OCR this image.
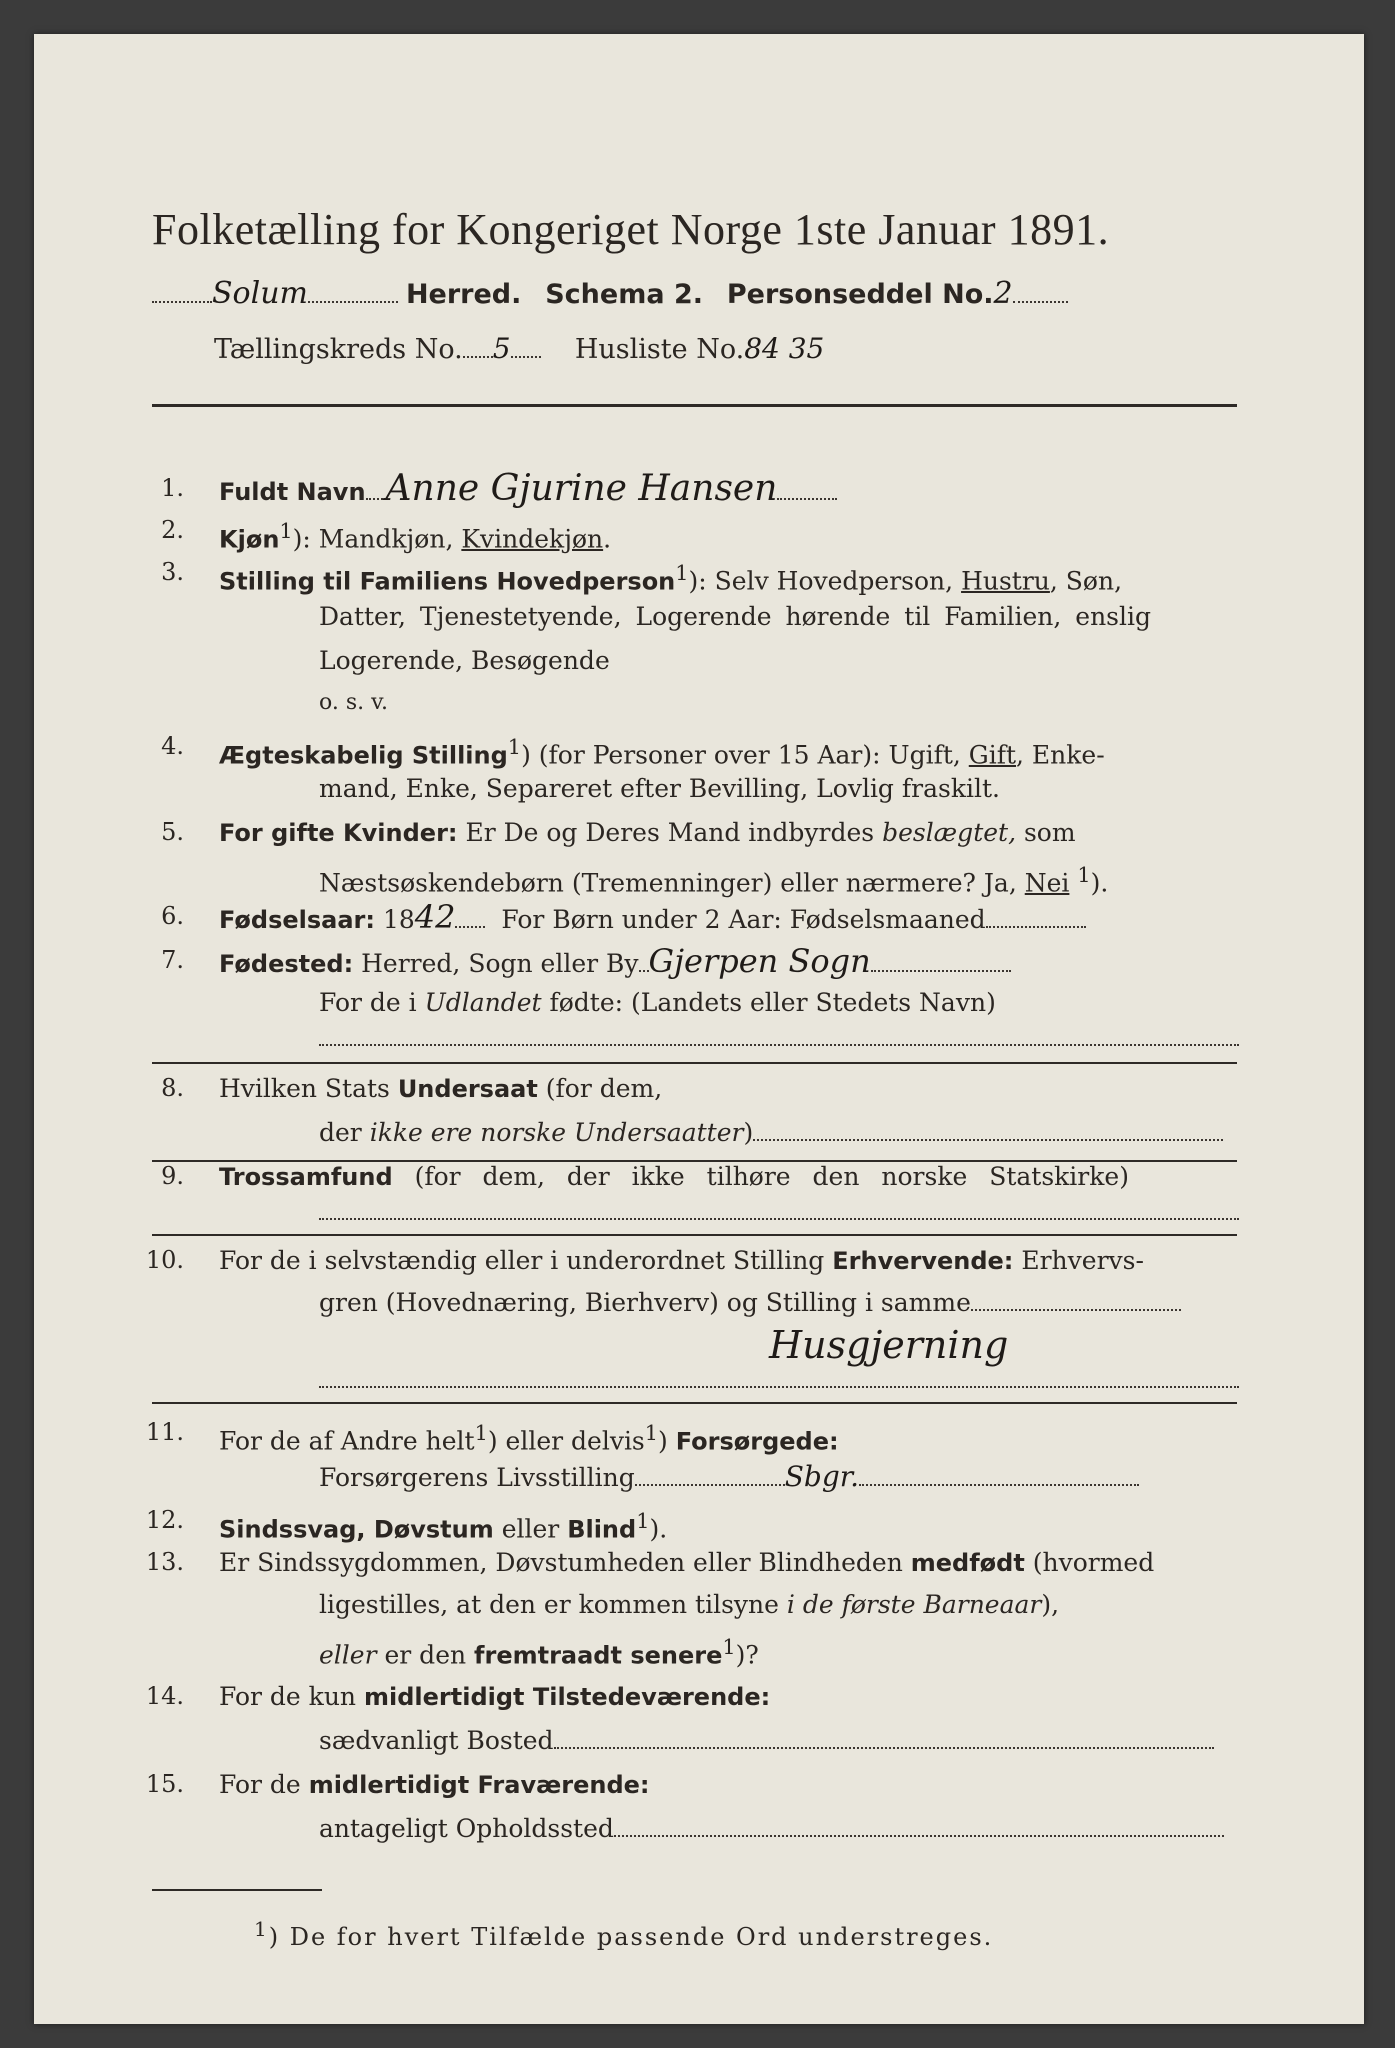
Folketælling for Kongeriget Norge 1ste Januar 1891.
Solum	Herred. Schema 2. Personseddel No.2
Tællingskreds No. 5 Husliste No.84 35
1. Fuldt Navn Anne Gjurine Hansen
2. Kjøn$^1$): Mandkjøn, Kvindekjøn.
3. Stilling til Familiens Hovedperson$^1$): Selv Hovedperson, Hustru, Søn,
Datter, Tjenestetyende, Logerende hørende til Familien, enslig
Logerende, Besøgende
o. s. v.
4. Ægteskabelig Stilling$^1$) (for Personer over 15 Aar): Ugift, Gift, Enke-
mand, Enke, Separeret efter Bevilling, Lovlig fraskilt.
5. For gifte Kvinder: Er De og Deres Mand indbyrdes beslægtet, som
Næstsøskendebørn (Tremenninger) eller nærmere? Ja, Nei $^1$).
6. Fødselsaar: 1842 For Børn under 2 Aar: Fødselsmaaned
7. Fødested: Herred, Sogn eller By Gjerpen Sogn
For de i Udlandet fødte: (Landets eller Stedets Navn)
8. Hvilken Stats Undersaat (for dem,
der ikke ere norske Undersaatter)
9. Trossamfund (for dem, der ikke tilhøre den norske Statskirke)
10. For de i selvstændig eller i underordnet Stilling Erhvervende: Erhvervs-
gren (Hovednæring, Bierhverv) og Stilling i samme
Husgjerning
11. For de af Andre helt$^1$) eller delvis$^1$) Forsørgede:
Forsørgerens Livsstilling	Sbgr.
12. Sindssvag, Døvstum eller Blind$^1$).
13. Er Sindssygdommen, Døvstumheden eller Blindheden medfødt (hvormed
ligestilles, at den er kommen tilsyne i de første Barneaar),
eller er den fremtraadt senere$^1$)?
14. For de kun midlertidigt Tilstedeværende:
sædvanligt Bosted
15. For de midlertidigt Fraværende:
antageligt Opholdssted
$^1$) De for hvert Tilfælde passende Ord understreges.
